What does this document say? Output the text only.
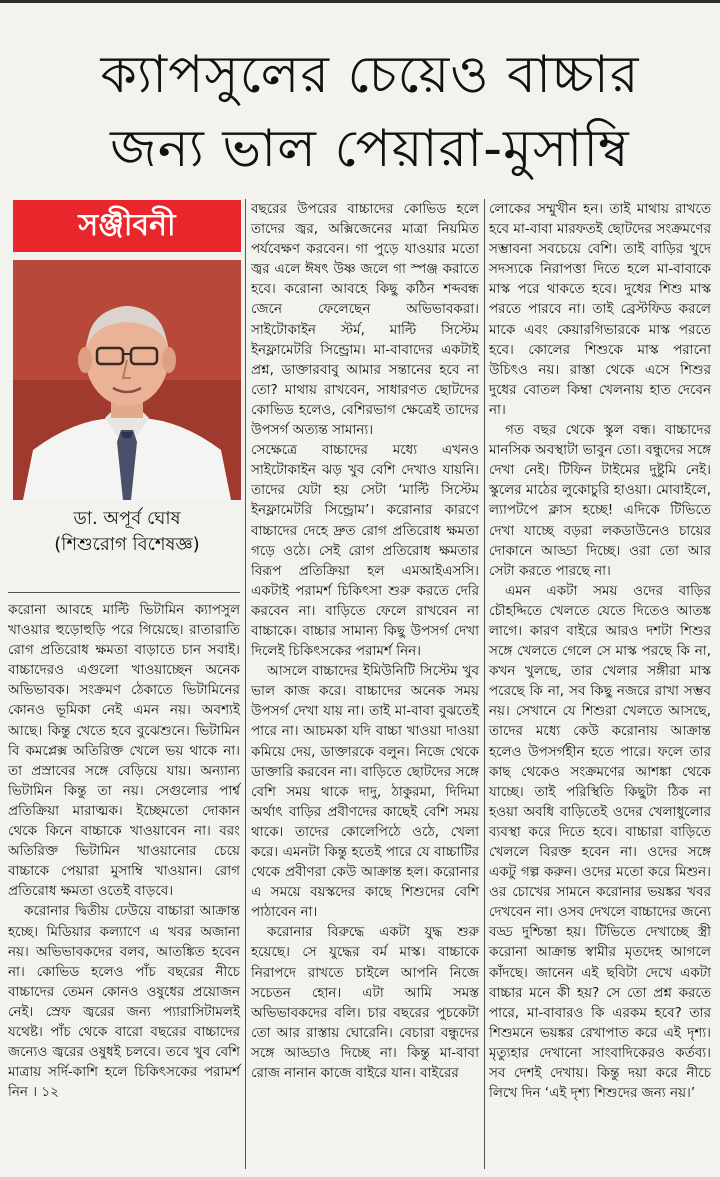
ক্যাপসুলের চেয়েও বাচ্চার
জন্য ভাল পেয়ারা-মুসাম্বি
সঞ্জীবনী
ডা. অপূর্ব ঘোষ
(শিশুরোগ বিশেষজ্ঞ)

করোনা আবহে মাল্টি ভিটামিন ক্যাপসুল খাওয়ার হুড়োহুড়ি পরে গিয়েছে। রাতারাতি রোগ প্রতিরোধ ক্ষমতা বাড়াতে চান সবাই। বাচ্চাদেরও এগুলো খাওয়াচ্ছেন অনেক অভিভাবক। সংক্রমণ ঠেকাতে ভিটামিনের কোনও ভূমিকা নেই এমন নয়। অবশ্যই আছে। কিন্তু খেতে হবে বুঝেশুনে। ভিটামিন বি কমপ্লেক্স অতিরিক্ত খেলে ভয় থাকে না। তা প্রস্রাবের সঙ্গে বেড়িয়ে যায়। অন্যান্য ভিটামিন কিন্তু তা নয়। সেগুলোর পার্শ্ব প্রতিক্রিয়া মারাত্মক। ইচ্ছেমতো দোকান থেকে কিনে বাচ্চাকে খাওয়াবেন না। বরং অতিরিক্ত ভিটামিন খাওয়ানোর চেয়ে বাচ্চাকে পেয়ারা মুসাম্বি খাওয়ান। রোগ প্রতিরোধ ক্ষমতা ওতেই বাড়বে।

করোনার দ্বিতীয় ঢেউয়ে বাচ্চারা আক্রান্ত হচ্ছে। মিডিয়ার কল্যাণে এ খবর অজানা নয়। অভিভাবকদের বলব, আতঙ্কিত হবেন না। কোভিড হলেও পাঁচ বছরের নীচে বাচ্চাদের তেমন কোনও ওষুধের প্রয়োজন নেই। স্রেফ জ্বরের জন্য প্যারাসিটামলই যথেষ্ট। পাঁচ থেকে বারো বছরের বাচ্চাদের জন্যেও জ্বরের ওষুধই চলবে। তবে খুব বেশি মাত্রায় সর্দি-কাশি হলে চিকিৎসকের পরামর্শ নিন । ১২

বছরের উপরের বাচ্চাদের কোভিড হলে তাদের জ্বর, অক্সিজেনের মাত্রা নিয়মিত পর্যবেক্ষণ করবেন। গা পুড়ে যাওয়ার মতো জ্বর এলে ঈষৎ উষ্ণ জলে গা স্পঞ্জ করাতে হবে। করোনা আবহে কিছু কঠিন শব্দবন্ধ জেনে ফেলেছেন অভিভাবকরা। সাইটোকাইন স্টর্ম, মাল্টি সিস্টেম ইনফ্লামেটরি সিন্ড্রোম। মা-বাবাদের একটাই প্রশ্ন, ডাক্তারবাবু আমার সন্তানের হবে না তো? মাথায় রাখবেন, সাধারণত ছোটদের কোভিড হলেও, বেশিরভাগ ক্ষেত্রেই তাদের উপসর্গ অত্যন্ত সামান্য।

সেক্ষেত্রে বাচ্চাদের মধ্যে এখনও সাইটোকাইন ঝড় খুব বেশি দেখাও যায়নি। তাদের যেটা হয় সেটা ‘মাল্টি সিস্টেম ইনফ্লামেটরি সিন্ড্রোম’। করোনার কারণে বাচ্চাদের দেহে দ্রুত রোগ প্রতিরোধ ক্ষমতা গড়ে ওঠে। সেই রোগ প্রতিরোধ ক্ষমতার বিরূপ প্রতিক্রিয়া হল এমআইএসসি। একটাই পরামর্শ চিকিৎসা শুরু করতে দেরি করবেন না। বাড়িতে ফেলে রাখবেন না বাচ্চাকে। বাচ্চার সামান্য কিছু উপসর্গ দেখা দিলেই চিকিৎসকের পরামর্শ নিন।

আসলে বাচ্চাদের ইমিউনিটি সিস্টেম খুব ভাল কাজ করে। বাচ্চাদের অনেক সময় উপসর্গ দেখা যায় না। তাই মা-বাবা বুঝতেই পারে না। আচমকা যদি বাচ্চা খাওয়া দাওয়া কমিয়ে দেয়, ডাক্তারকে বলুন। নিজে থেকে ডাক্তারি করবেন না। বাড়িতে ছোটদের সঙ্গে বেশি সময় থাকে দাদু, ঠাকুরমা, দিদিমা অর্থাৎ বাড়ির প্রবীণদের কাছেই বেশি সময় থাকে। তাদের কোলেপিঠে ওঠে, খেলা করে। এমনটা কিন্তু হতেই পারে যে বাচ্চাটির থেকে প্রবীণরা কেউ আক্রান্ত হল। করোনার এ সময়ে বয়স্কদের কাছে শিশুদের বেশি পাঠাবেন না।

করোনার বিরুদ্ধে একটা যুদ্ধ শুরু হয়েছে। সে যুদ্ধের বর্ম মাস্ক। বাচ্চাকে নিরাপদে রাখতে চাইলে আপনি নিজে সচেতন হোন। এটা আমি সমস্ত অভিভাবকদের বলি। চার বছরের পুচকেটা তো আর রাস্তায় ঘোরেনি। বেচারা বন্ধুদের সঙ্গে আড্ডাও দিচ্ছে না। কিন্তু মা-বাবা রোজ নানান কাজে বাইরে যান। বাইরের

লোকের সম্মুখীন হন। তাই মাথায় রাখতে হবে মা-বাবা মারফতই ছোটদের সংক্রমণের সম্ভাবনা সবচেয়ে বেশি। তাই বাড়ির খুদে সদস্যকে নিরাপত্তা দিতে হলে মা-বাবাকে মাস্ক পরে থাকতে হবে। দুধের শিশু মাস্ক পরতে পারবে না। তাই ব্রেস্টফিড করলে মাকে এবং কেয়ারগিভারকে মাস্ক পরতে হবে। কোলের শিশুকে মাস্ক পরানো উচিৎও নয়। রাস্তা থেকে এসে শিশুর দুধের বোতল কিম্বা খেলনায় হাত দেবেন না।

গত বছর থেকে স্কুল বন্ধ। বাচ্চাদের মানসিক অবস্থাটা ভাবুন তো। বন্ধুদের সঙ্গে দেখা নেই। টিফিন টাইমের দুষ্টুমি নেই। স্কুলের মাঠের লুকোচুরি হাওয়া। মোবাইলে, ল্যাপটপে ক্লাস হচ্ছে! এদিকে টিভিতে দেখা যাচ্ছে বড়রা লকডাউনেও চায়ের দোকানে আড্ডা দিচ্ছে। ওরা তো আর সেটা করতে পারছে না।

এমন একটা সময় ওদের বাড়ির চৌহদ্দিতে খেলতে যেতে দিতেও আতঙ্ক লাগে। কারণ বাইরে আরও দশটা শিশুর সঙ্গে খেলতে গেলে সে মাস্ক পরছে কি না, কখন খুলছে, তার খেলার সঙ্গীরা মাস্ক পরেছে কি না, সব কিছু নজরে রাখা সম্ভব নয়। সেখানে যে শিশুরা খেলতে আসছে, তাদের মধ্যে কেউ করোনায় আক্রান্ত হলেও উপসর্গহীন হতে পারে। ফলে তার কাছ থেকেও সংক্রমণের আশঙ্কা থেকে যাচ্ছে। তাই পরিস্থিতি কিছুটা ঠিক না হওয়া অবধি বাড়িতেই ওদের খেলাধুলোর ব্যবস্থা করে দিতে হবে। বাচ্চারা বাড়িতে খেললে বিরক্ত হবেন না। ওদের সঙ্গে একটু গল্প করুন। ওদের মতো করে মিশুন। ওর চোখের সামনে করোনার ভয়ঙ্কর খবর দেখবেন না। ওসব দেখলে বাচ্চাদের জন্যে বড্ড দুশ্চিন্তা হয়। টিভিতে দেখাচ্ছে স্ত্রী করোনা আক্রান্ত স্বামীর মৃতদেহ আগলে কাঁদছে। জানেন এই ছবিটা দেখে একটা বাচ্চার মনে কী হয়? সে তো প্রশ্ন করতে পারে, মা-বাবারও কি এরকম হবে? তার শিশুমনে ভয়ঙ্কর রেখাপাত করে এই দৃশ্য। মৃত্যুহার দেখানো সাংবাদিকেরও কর্তব্য। সব দেশই দেখায়। কিন্তু দয়া করে নীচে লিখে দিন ‘এই দৃশ্য শিশুদের জন্য নয়।’
